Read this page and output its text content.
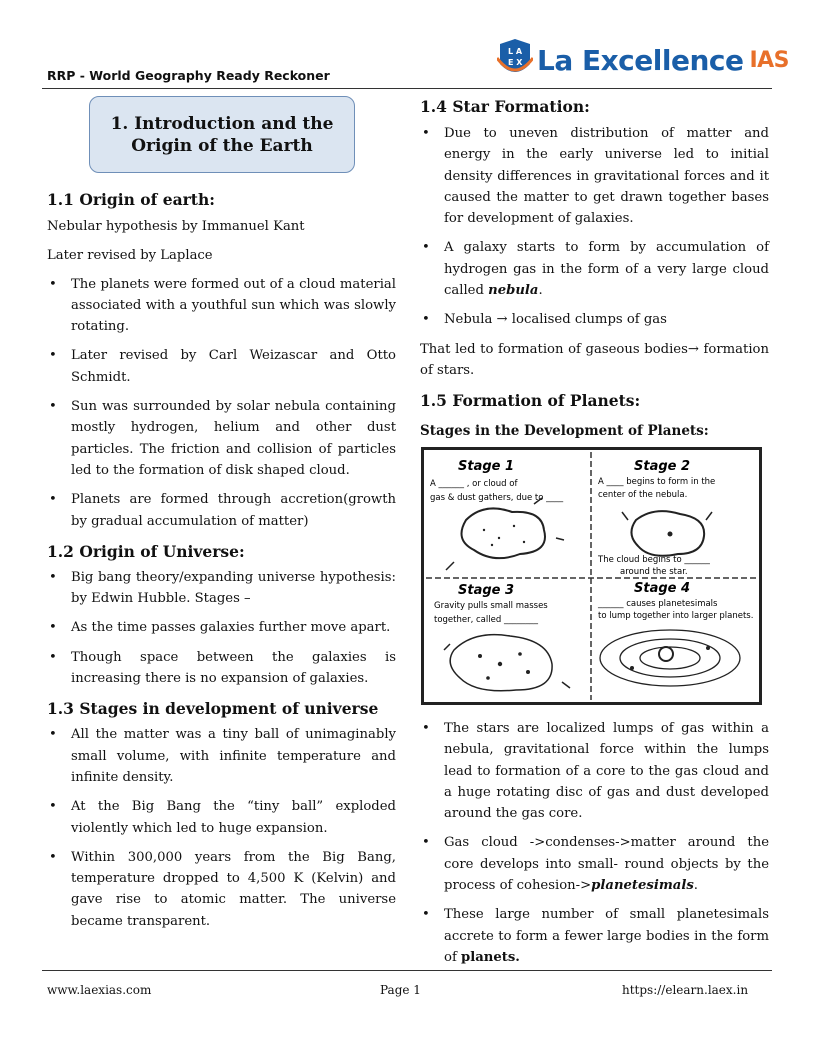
RRP - World Geography Ready Reckoner
L A
E X La Excellence IAS
1. Introduction and the
Origin of the Earth
1.1 Origin of earth:

Nebular hypothesis by Immanuel Kant

Later revised by Laplace

• The planets were formed out of a cloud material associated with a youthful sun which was slowly rotating.
• Later revised by Carl Weizascar and Otto Schmidt.
• Sun was surrounded by solar nebula containing mostly hydrogen, helium and other dust particles. The friction and collision of particles led to the formation of disk shaped cloud.
• Planets are formed through accretion(growth by gradual accumulation of matter)
1.2 Origin of Universe:
• Big bang theory/expanding universe hypothesis: by Edwin Hubble. Stages –
• As the time passes galaxies further move apart.
• Though space between the galaxies is increasing there is no expansion of galaxies.
1.3 Stages in development of universe
• All the matter was a tiny ball of unimaginably small volume, with infinite temperature and infinite density.
• At the Big Bang the “tiny ball” exploded violently which led to huge expansion.
• Within 300,000 years from the Big Bang, temperature dropped to 4,500 K (Kelvin) and gave rise to atomic matter. The universe became transparent.
1.4 Star Formation:
• Due to uneven distribution of matter and energy in the early universe led to initial density differences in gravitational forces and it caused the matter to get drawn together bases for development of galaxies.
• A galaxy starts to form by accumulation of hydrogen gas in the form of a very large cloud called nebula.
• Nebula → localised clumps of gas

That led to formation of gaseous bodies→ formation of stars.

1.5 Formation of Planets:
Stages in the Development of Planets:
Stage 1
A ______ , or cloud of
gas & dust gathers, due to ____
Stage 2
A ____ begins to form in the
center of the nebula.
The cloud begins to ______
around the star.
Stage 3
Gravity pulls small masses
together, called ________
Stage 4
______ causes planetesimals
to lump together into larger planets.
• The stars are localized lumps of gas within a nebula, gravitational force within the lumps lead to formation of a core to the gas cloud and a huge rotating disc of gas and dust developed around the gas core.
• Gas cloud ->condenses->matter around the core develops into small- round objects by the process of cohesion->planetesimals.
• These large number of small planetesimals accrete to form a fewer large bodies in the form of planets.
www.laexias.com	Page 1	https://elearn.laex.in
